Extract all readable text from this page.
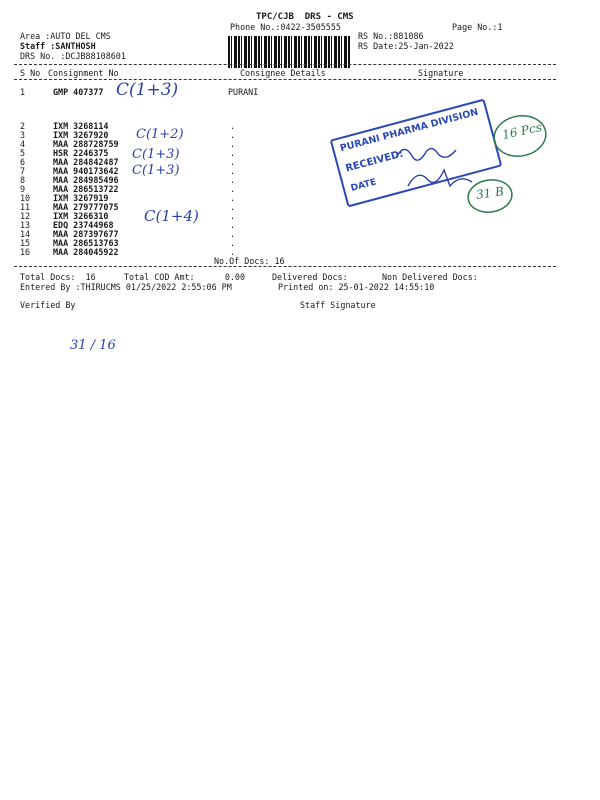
TPC/CJB  DRS - CMS
Phone No.:0422-3505555	Page No.:1
Area :AUTO DEL CMS
Staff :SANTHOSH
DRS No. :DCJB88108601
RS No.:881086
RS Date:25-Jan-2022
S No Consignment No	Consignee Details	Signature
1	GMP 407377	PURANI
2	IXM 3268114	.
3	IXM 3267920	.
4	MAA 288728759	.
5	HSR 2246375	.
6	MAA 284842487	.
7	MAA 940173642	.
8	MAA 284985496	.
9	MAA 286513722	.
10	IXM 3267919	.
11	MAA 279777075	.
12	IXM 3266310	.
13	EDQ 23744968	.
14	MAA 287397677	.
15	MAA 286513763	.
16	MAA 284045922	.
No.Of Docs: 16
Total Docs:  16	Total COD Amt:      0.00	Delivered Docs:	Non Delivered Docs:
Entered By :THIRUCMS 01/25/2022 2:55:06 PM	Printed on: 25-01-2022 14:55:10
Verified By	Staff Signature
C(1+3)
C(1+2)
C(1+3)
C(1+3)
C(1+4)
PURANI PHARMA DIVISION
RECEIVED:
DATE
16 Pcs
31 B
31 / 16
